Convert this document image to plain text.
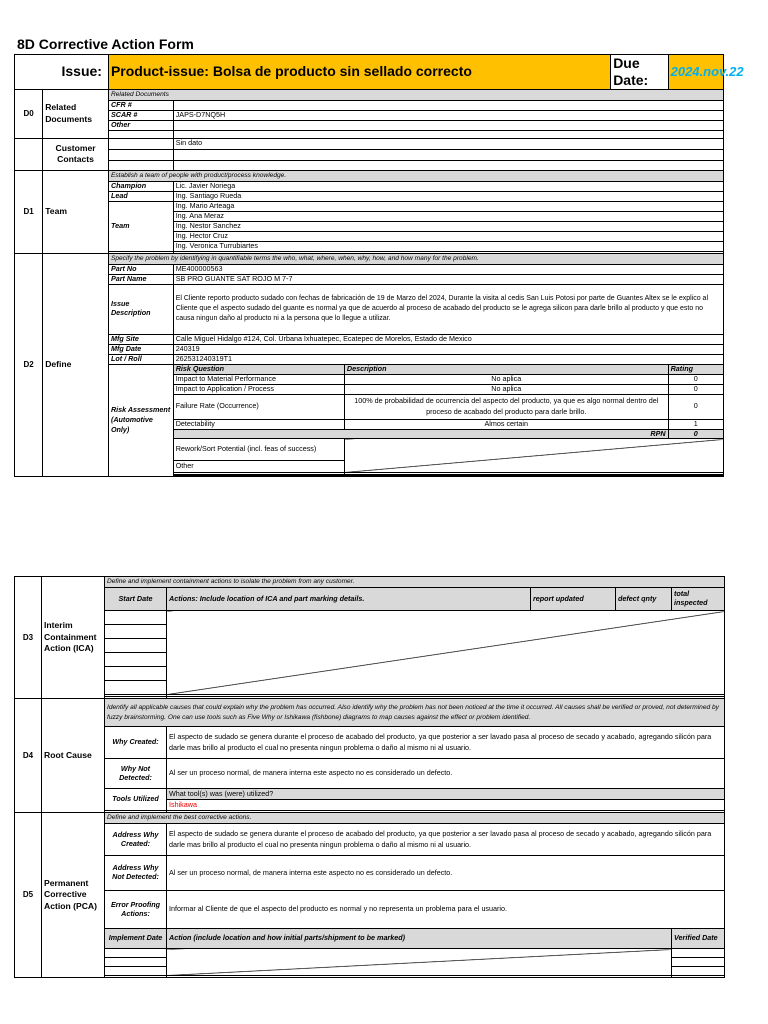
8D Corrective Action Form
Issue:		Product-issue: Bolsa de producto sin sellado correcto			Due Date:	2024.nov.22
D0	Related Documents	Related Documents				
		CFR #				
		SCAR #	JAPS-D7NQ5H			
		Other				

	Customer Contacts		Sin dato			

D1	Team	Establish a team of people with product/process knowledge.				
		Champion	Lic. Javier Noriega			
		Lead	Ing. Santiago Rueda			
		Team	Ing. Mario Arteaga			
			Ing. Ana Meraz			
			Ing. Nestor Sanchez			
			Ing. Hector Cruz			
			Ing. Veronica Turrubiartes			

D2	Define	Specify the problem by identifying in quantifiable terms the who, what, where, when, why, how, and how many for the problem.				
		Part No	ME400000563			
		Part Name	SB PRO GUANTE SAT ROJO M 7-7			
		Issue Description	El Cliente reporto producto sudado con fechas de fabricación de 19 de Marzo del 2024, Durante la visita al cedis San Luis Potosi por parte de Guantes Altex se le explico al Cliente que el aspecto sudado del guante es normal ya que de acuerdo al proceso de acabado del producto se le agrega silicon para darle brillo al producto y que esto no causa ningun daño al producto ni a la persona que lo llegue a utilizar.			
		Mfg Site	Calle Miguel Hidalgo #124, Col. Urbana Ixhuatepec, Ecatepec de Morelos, Estado de Mexico			
		Mfg Date	240319			
		Lot / Roll	262531240319T1			
		Risk Assessment (Automotive Only)	Risk Question	Description		Rating
			Impact to Material Performance	No aplica		0
			Impact to Application / Process	No aplica		0
			Failure Rate (Occurrence)	100% de probabilidad de ocurrencia del aspecto del producto, ya que es algo normal dentro del proceso de acabado del producto para darle brillo.		0
			Detectability	Almos certain		1
			RPN			0
			Rework/Sort Potential (incl. feas of success)			
			Other			

D3	Interim Containment Action (ICA)	Define and implement containment actions to isolate the problem from any customer.				
		Start Date	Actions: Include location of ICA and part marking details.	report updated	defect qnty	total inspected

D4	Root Cause	Identify all applicable causes that could explain why the problem has occurred. Also identify why the problem has not been noticed at the time it occurred. All causes shall be verified or proved, not determined by fuzzy brainstorming. One can use tools such as Five Why or Ishikawa (fishbone) diagrams to map causes against the effect or problem identified.				
		Why Created:	El aspecto de sudado se genera durante el proceso de acabado del producto, ya que posterior a ser lavado pasa al proceso de secado y acabado, agregando silicón para darle mas brillo al producto el cual no presenta ningun problema o daño al mismo ni al usuario.			
		Why Not Detected:	Al ser un proceso normal, de manera interna este aspecto no es considerado un defecto.			
		Tools Utilized	What tool(s) was (were) utilized?			
			Ishikawa			

D5	Permanent Corrective Action (PCA)	Define and implement the best corrective actions.				
		Address Why Created:	El aspecto de sudado se genera durante el proceso de acabado del producto, ya que posterior a ser lavado pasa al proceso de secado y acabado, agregando silicón para darle mas brillo al producto el cual no presenta ningun problema o daño al mismo ni al usuario.			
		Address Why Not Detected:	Al ser un proceso normal, de manera interna este aspecto no es considerado un defecto.			
		Error Proofing Actions:	Informar al Cliente de que el aspecto del producto es normal y no representa un problema para el usuario.			
		Implement Date	Action (include location and how initial parts/shipment to be marked)			Verified Date
